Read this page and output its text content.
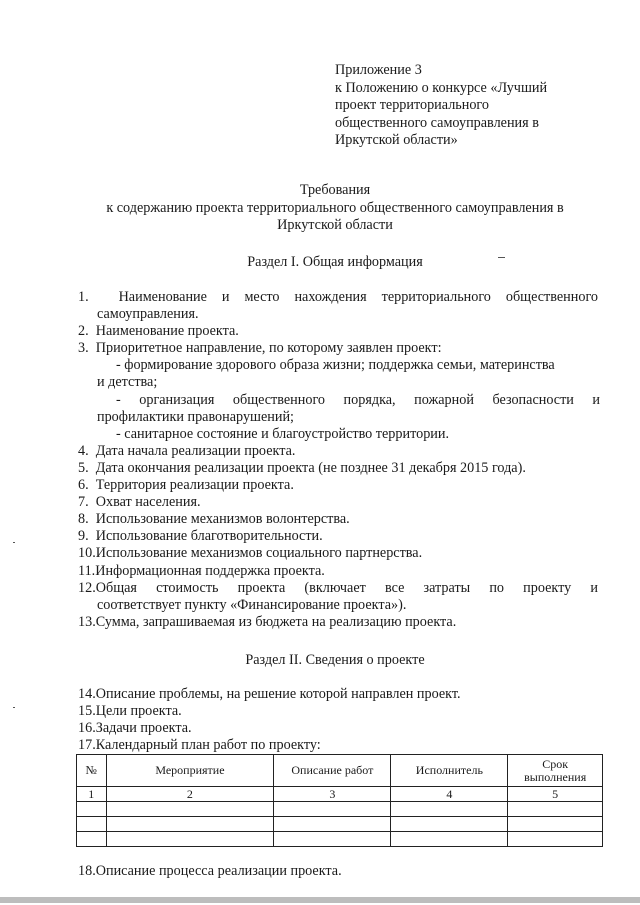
Приложение 3
к Положению о конкурсе «Лучший
проект территориального
общественного самоуправления в
Иркутской области»
Требования
к содержанию проекта территориального общественного самоуправления в
Иркутской области
Раздел I. Общая информация
1. Наименование и место нахождения территориального общественного
самоуправления.
2. Наименование проекта.
3. Приоритетное направление, по которому заявлен проект:
- формирование здорового образа жизни; поддержка семьи, материнства
и детства;
- организация общественного порядка, пожарной безопасности и
профилактики правонарушений;
- санитарное состояние и благоустройство территории.
4. Дата начала реализации проекта.
5. Дата окончания реализации проекта (не позднее 31 декабря 2015 года).
6. Территория реализации проекта.
7. Охват населения.
8. Использование механизмов волонтерства.
9. Использование благотворительности.
10.Использование механизмов социального партнерства.
11.Информационная поддержка проекта.
12.Общая стоимость проекта (включает все затраты по проекту и
соответствует пункту «Финансирование проекта»).
13.Сумма, запрашиваемая из бюджета на реализацию проекта.
Раздел II. Сведения о проекте
14.Описание проблемы, на решение которой направлен проект.
15.Цели проекта.
16.Задачи проекта.
17.Календарный план работ по проекту:
№	Мероприятие	Описание работ	Исполнитель	Срок
выполнения

1	2	3	4	5

18.Описание процесса реализации проекта.
